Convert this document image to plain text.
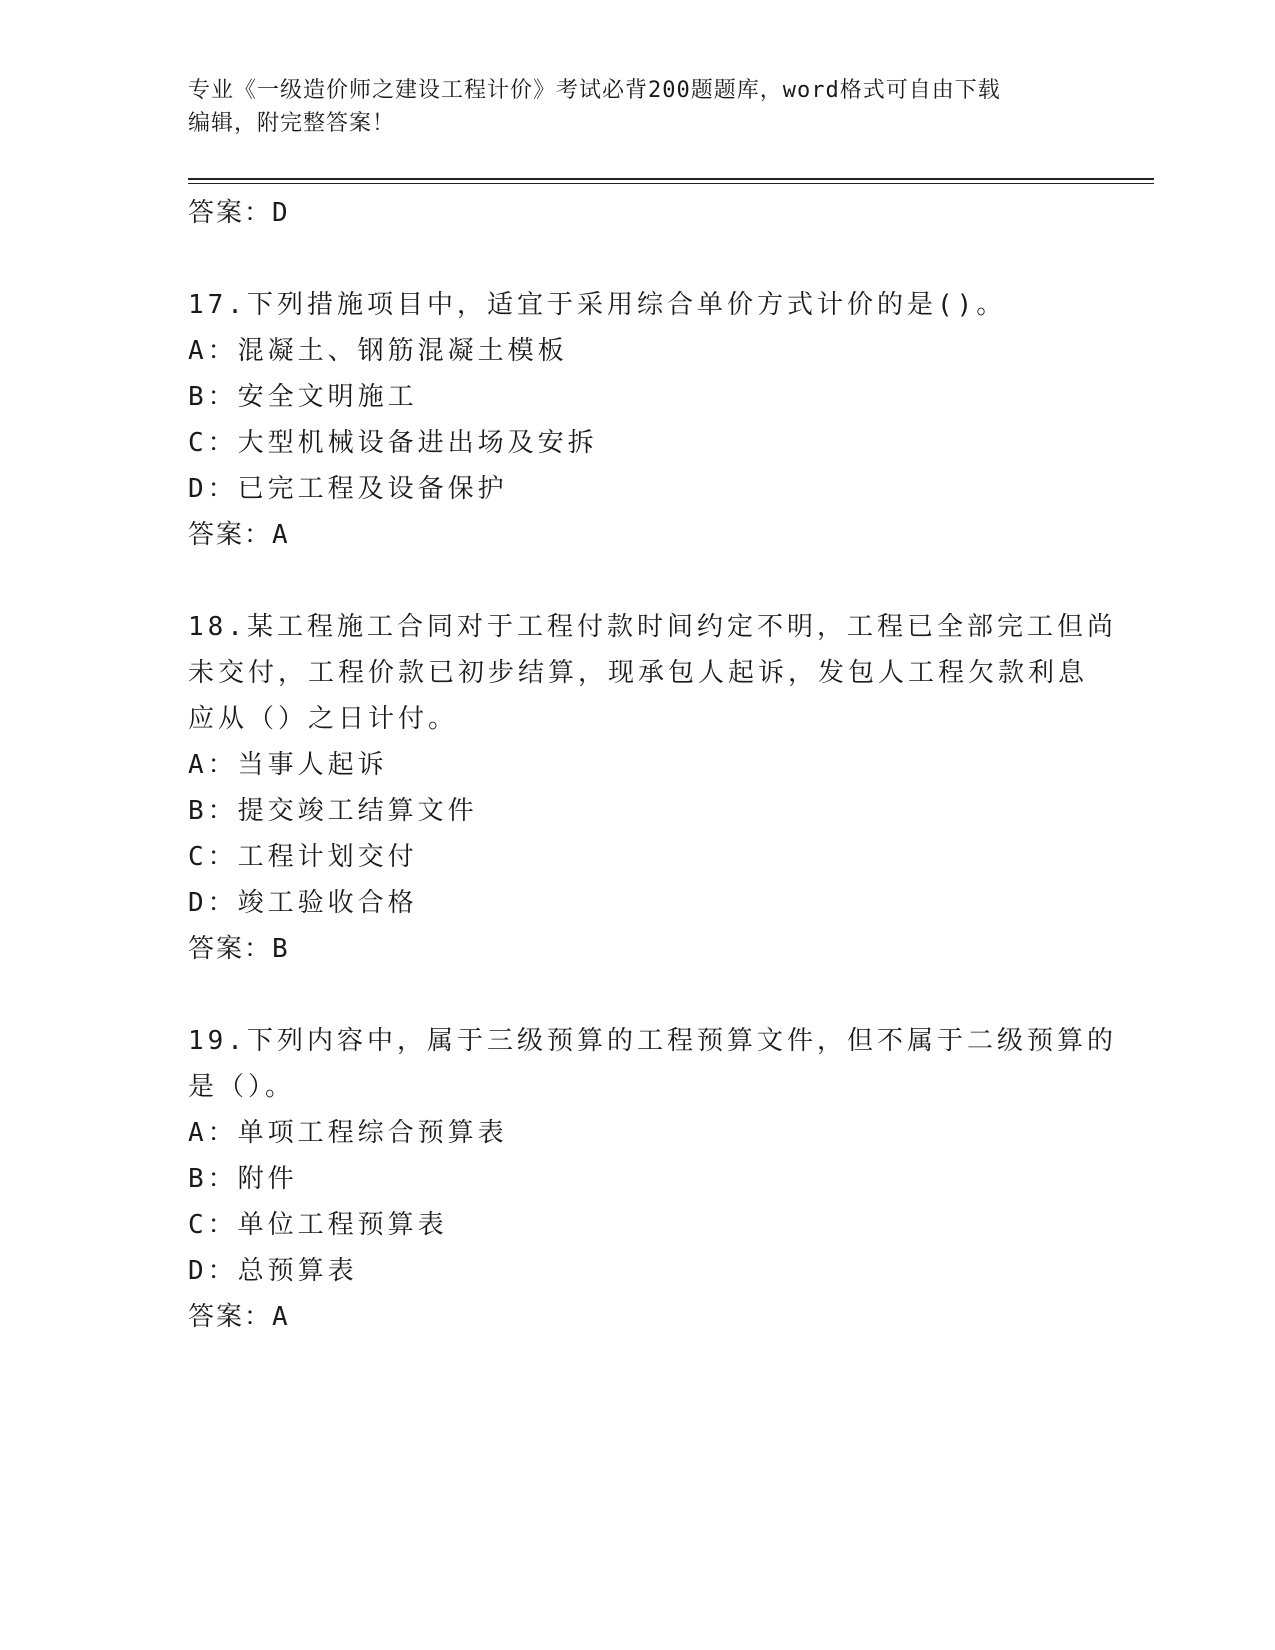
专业《一级造价师之建设工程计价》考试必背200题题库，word格式可自由下载
编辑，附完整答案！
答案：D
17.下列措施项目中，适宜于采用综合单价方式计价的是()。
A：混凝土、钢筋混凝土模板
B：安全文明施工
C：大型机械设备进出场及安拆
D：已完工程及设备保护
答案：A
18.某工程施工合同对于工程付款时间约定不明，工程已全部完工但尚
未交付，工程价款已初步结算，现承包人起诉，发包人工程欠款利息
应从（）之日计付。
A：当事人起诉
B：提交竣工结算文件
C：工程计划交付
D：竣工验收合格
答案：B
19.下列内容中，属于三级预算的工程预算文件，但不属于二级预算的
是（）。
A：单项工程综合预算表
B：附件
C：单位工程预算表
D：总预算表
答案：A
